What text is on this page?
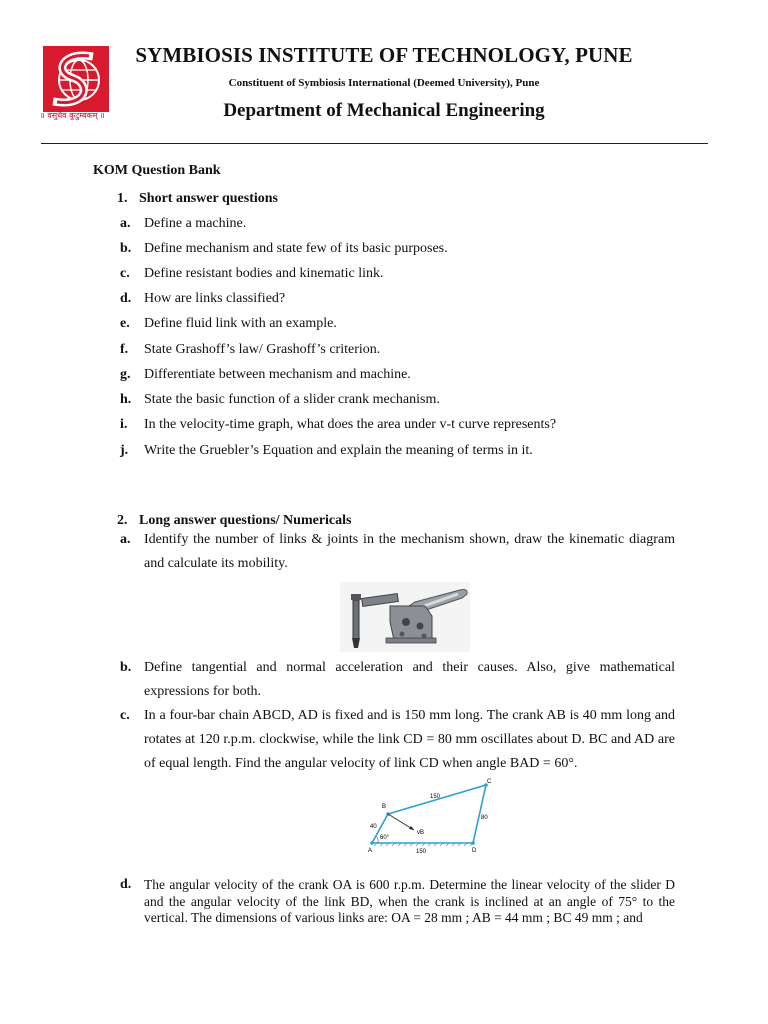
॥ वसुधैव कुटुम्बकम् ॥
SYMBIOSIS INSTITUTE OF TECHNOLOGY, PUNE
Constituent of Symbiosis International (Deemed University), Pune
Department of Mechanical Engineering
KOM Question Bank
1. Short answer questions
a. Define a machine.
b. Define mechanism and state few of its basic purposes.
c.	Define resistant bodies and kinematic link.
d. How are links classified?
e.	Define fluid link with an example.
f.	State Grashoff’s law/ Grashoff’s criterion.
g. Differentiate between mechanism and machine.
h. State the basic function of a slider crank mechanism.
i.	In the velocity-time graph, what does the area under v-t curve represents?
j.	Write the Gruebler’s Equation and explain the meaning of terms in it.
2. Long answer questions/ Numericals
a. Identify the number of links & joints in the mechanism shown, draw the kinematic diagram and calculate its mobility.
b. Define tangential and normal acceleration and their causes. Also, give mathematical expressions for both.
c.	In a four-bar chain ABCD, AD is fixed and is 150 mm long. The crank AB is 40 mm long and rotates at 120 r.p.m. clockwise, while the link CD = 80 mm oscillates about D. BC and AD are of equal length. Find the angular velocity of link CD when angle BAD = 60°.
A
B
C
D
vB
40
150
80
150
60°
d. The angular velocity of the crank OA is 600 r.p.m. Determine the linear velocity of the slider D and the angular velocity of the link BD, when the crank is inclined at an angle of 75° to the vertical. The dimensions of various links are: OA = 28 mm ; AB = 44 mm ; BC 49 mm ; and
